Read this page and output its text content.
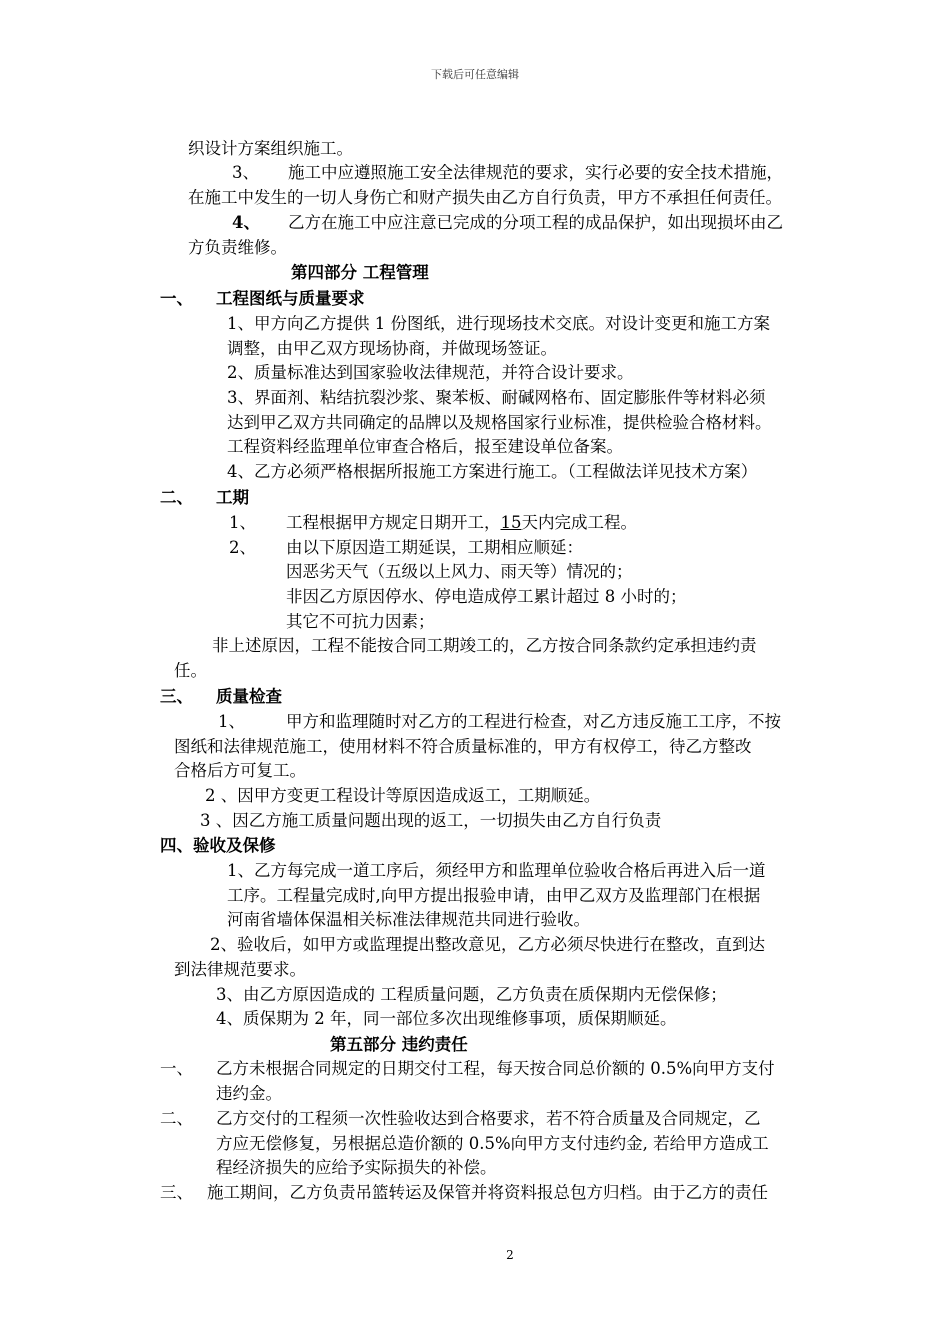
下载后可任意编辑
织设计方案组织施工。
3、 施工中应遵照施工安全法律规范的要求，实行必要的安全技术措施，
在施工中发生的一切人身伤亡和财产损失由乙方自行负责，甲方不承担任何责任。
4、 乙方在施工中应注意已完成的分项工程的成品保护，如出现损坏由乙
方负责维修。
第四部分 工程管理
一、 工程图纸与质量要求
1、甲方向乙方提供 1 份图纸，进行现场技术交底。对设计变更和施工方案
调整，由甲乙双方现场协商，并做现场签证。
2、质量标准达到国家验收法律规范，并符合设计要求。
3、界面剂、粘结抗裂沙浆、聚苯板、耐碱网格布、固定膨胀件等材料必须
达到甲乙双方共同确定的品牌以及规格国家行业标准，提供检验合格材料。
工程资料经监理单位审查合格后，报至建设单位备案。
4、乙方必须严格根据所报施工方案进行施工。（工程做法详见技术方案）
二、 工期
1、 工程根据甲方规定日期开工，15天内完成工程。
2、 由以下原因造工期延误，工期相应顺延：
因恶劣天气（五级以上风力、雨天等）情况的；
非因乙方原因停水、停电造成停工累计超过 8 小时的；
其它不可抗力因素；
非上述原因，工程不能按合同工期竣工的，乙方按合同条款约定承担违约责
任。
三、 质量检查
1、 甲方和监理随时对乙方的工程进行检查，对乙方违反施工工序，不按
图纸和法律规范施工，使用材料不符合质量标准的，甲方有权停工，待乙方整改
合格后方可复工。
2 、因甲方变更工程设计等原因造成返工，工期顺延。
3 、因乙方施工质量问题出现的返工，一切损失由乙方自行负责
四、验收及保修
1、乙方每完成一道工序后，须经甲方和监理单位验收合格后再进入后一道
工序。工程量完成时,向甲方提出报验申请，由甲乙双方及监理部门在根据
河南省墙体保温相关标准法律规范共同进行验收。
2、验收后，如甲方或监理提出整改意见，乙方必须尽快进行在整改，直到达
到法律规范要求。
3、由乙方原因造成的 工程质量问题，乙方负责在质保期内无偿保修；
4、质保期为 2 年，同一部位多次出现维修事项，质保期顺延。
第五部分 违约责任
一、 乙方未根据合同规定的日期交付工程，每天按合同总价额的 0.5%向甲方支付
违约金。
二、 乙方交付的工程须一次性验收达到合格要求，若不符合质量及合同规定，乙
方应无偿修复，另根据总造价额的 0.5%向甲方支付违约金, 若给甲方造成工
程经济损失的应给予实际损失的补偿。
三、 施工期间，乙方负责吊篮转运及保管并将资料报总包方归档。由于乙方的责任
2
